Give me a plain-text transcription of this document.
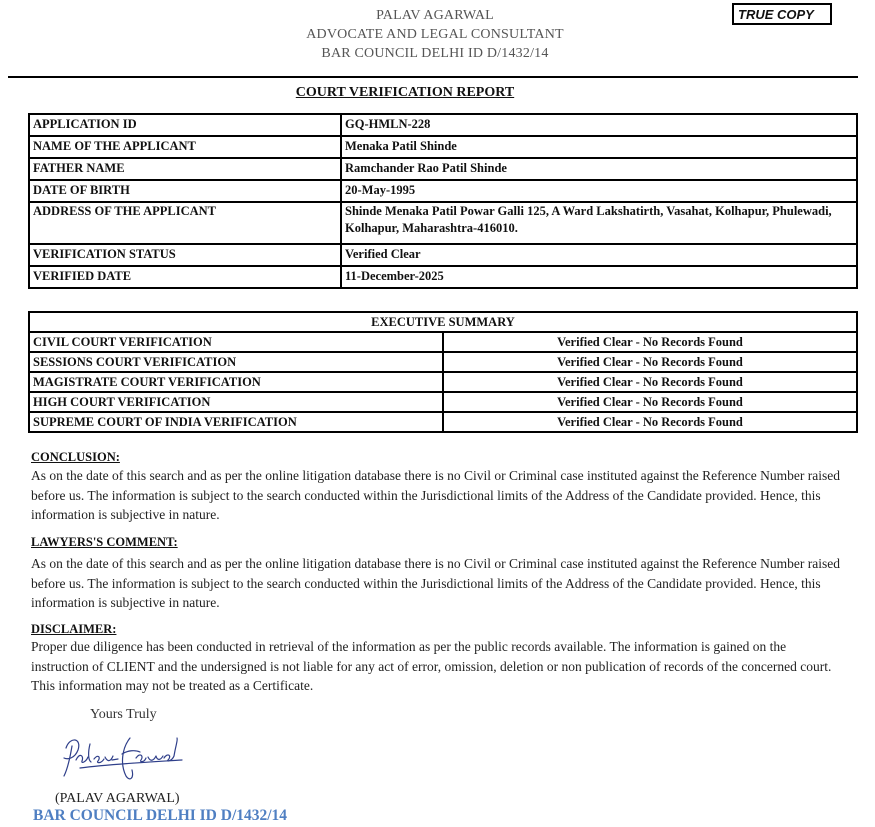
PALAV AGARWAL
ADVOCATE AND LEGAL CONSULTANT
BAR COUNCIL DELHI ID D/1432/14
TRUE COPY
COURT VERIFICATION REPORT
APPLICATION ID	GQ-HMLN-228
NAME OF THE APPLICANT	Menaka Patil Shinde
FATHER NAME	Ramchander Rao Patil Shinde
DATE OF BIRTH	20-May-1995
ADDRESS OF THE APPLICANT	Shinde Menaka Patil Powar Galli 125, A Ward Lakshatirth, Vasahat, Kolhapur, Phulewadi, Kolhapur, Maharashtra-416010.
VERIFICATION STATUS	Verified Clear
VERIFIED DATE	11-December-2025
EXECUTIVE SUMMARY	
CIVIL COURT VERIFICATION	Verified Clear - No Records Found
SESSIONS COURT VERIFICATION	Verified Clear - No Records Found
MAGISTRATE COURT VERIFICATION	Verified Clear - No Records Found
HIGH COURT VERIFICATION	Verified Clear - No Records Found
SUPREME COURT OF INDIA VERIFICATION	Verified Clear - No Records Found
CONCLUSION:
As on the date of this search and as per the online litigation database there is no Civil or Criminal case instituted against the Reference Number raised before us. The information is subject to the search conducted within the Jurisdictional limits of the Address of the Candidate provided. Hence, this information is subjective in nature.
LAWYERS'S COMMENT:
As on the date of this search and as per the online litigation database there is no Civil or Criminal case instituted against the Reference Number raised before us. The information is subject to the search conducted within the Jurisdictional limits of the Address of the Candidate provided. Hence, this information is subjective in nature.
DISCLAIMER:
Proper due diligence has been conducted in retrieval of the information as per the public records available. The information is gained on the instruction of CLIENT and the undersigned is not liable for any act of error, omission, deletion or non publication of records of the concerned court. This information may not be treated as a Certificate.
Yours Truly
(PALAV AGARWAL)
BAR COUNCIL DELHI ID D/1432/14
